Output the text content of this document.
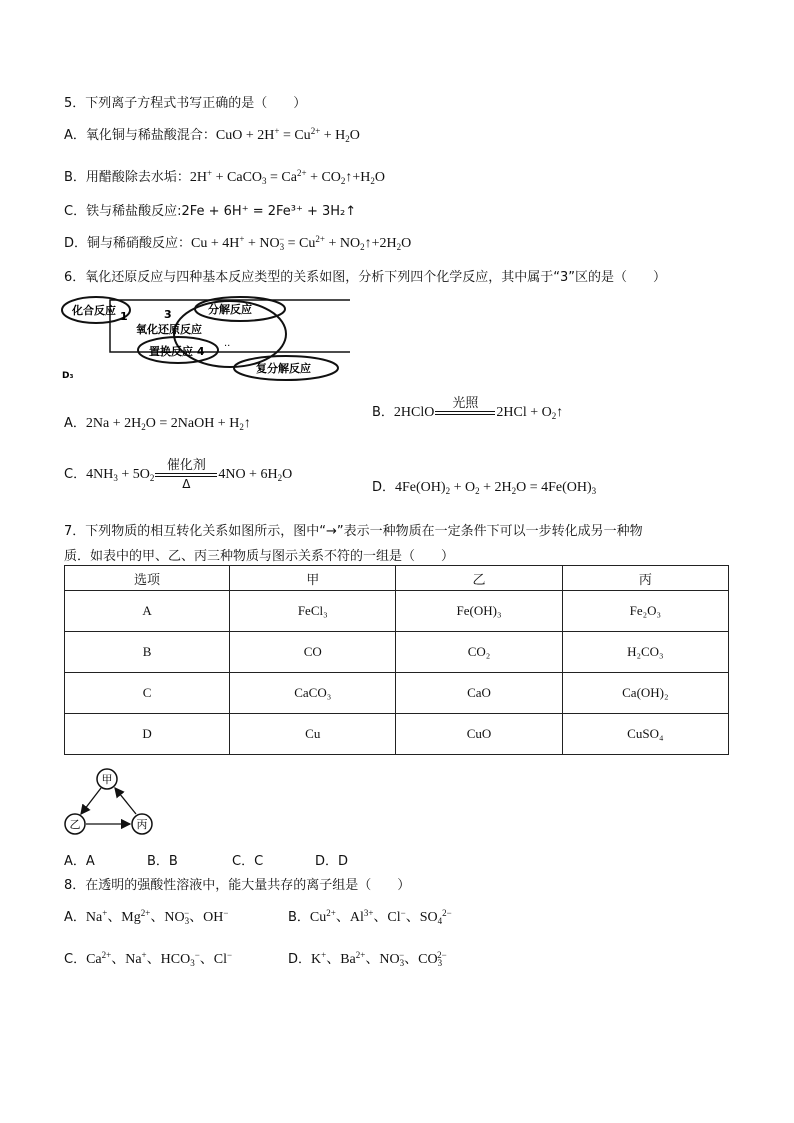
5．下列离子方程式书写正确的是（　　）
A．氧化铜与稀盐酸混合：CuO + $2H^+ = Cu^{2+} + H_2O$
B．用醋酸除去水垢：2H+ + CaCO$_3$ = $Ca^{2+}$ + $CO_2↑+H_2O$
C．铁与稀盐酸反应:2Fe + 6H⁺ = 2Fe³⁺ + 3H₂↑
D．铜与稀硝酸反应：$Cu + 4H^+ + NO_3^- = Cu^{2+}$ + $NO_2↑+2H_2O$
6．氧化还原反应与四种基本反应类型的关系如图，分析下列四个化学反应，其中属于“3”区的是（　　）
化合反应 1	3	分解反应
氧化还原反应
置换反应 4
..
复分解反应
D₃
A．$2Na + 2H_2O$ = 2NaOH + $H_2↑$
B．2HClO
光照
$2HCl + O_2↑$
C．$4NH_3 + 5O_2$
催化剂
Δ
$4NO + 6H_2O$
D．$4Fe(OH)_2 + O_2 + 2H_2O = 4Fe(OH)_3$
7．下列物质的相互转化关系如图所示，图中“→”表示一种物质在一定条件下可以一步转化成另一种物
质．如表中的甲、乙、丙三种物质与图示关系不符的一组是（　　）
选项	甲	乙	丙
A	FeCl₃	Fe(OH)₃	Fe₂O₃
B	CO	CO₂	H₂CO₃
C	CaCO₃	CaO	Ca(OH)₂
D	Cu	CuO	CuSO₄
甲
乙	丙
A．A	B．B	C．C	D．D
8．在透明的强酸性溶液中，能大量共存的离子组是（　　）
A．Na+、$Mg^{2+}$、$NO_3^-$、OH−	B．$Cu^{2+}$、$Al^{3+}$、Cl−、$SO_4^{2-}$
C．$Ca^{2+}$、Na+、$HCO_3^-$、Cl−	D．K+、$Ba^{2+}$、$NO_3^-$、$CO_3^{2-}$
